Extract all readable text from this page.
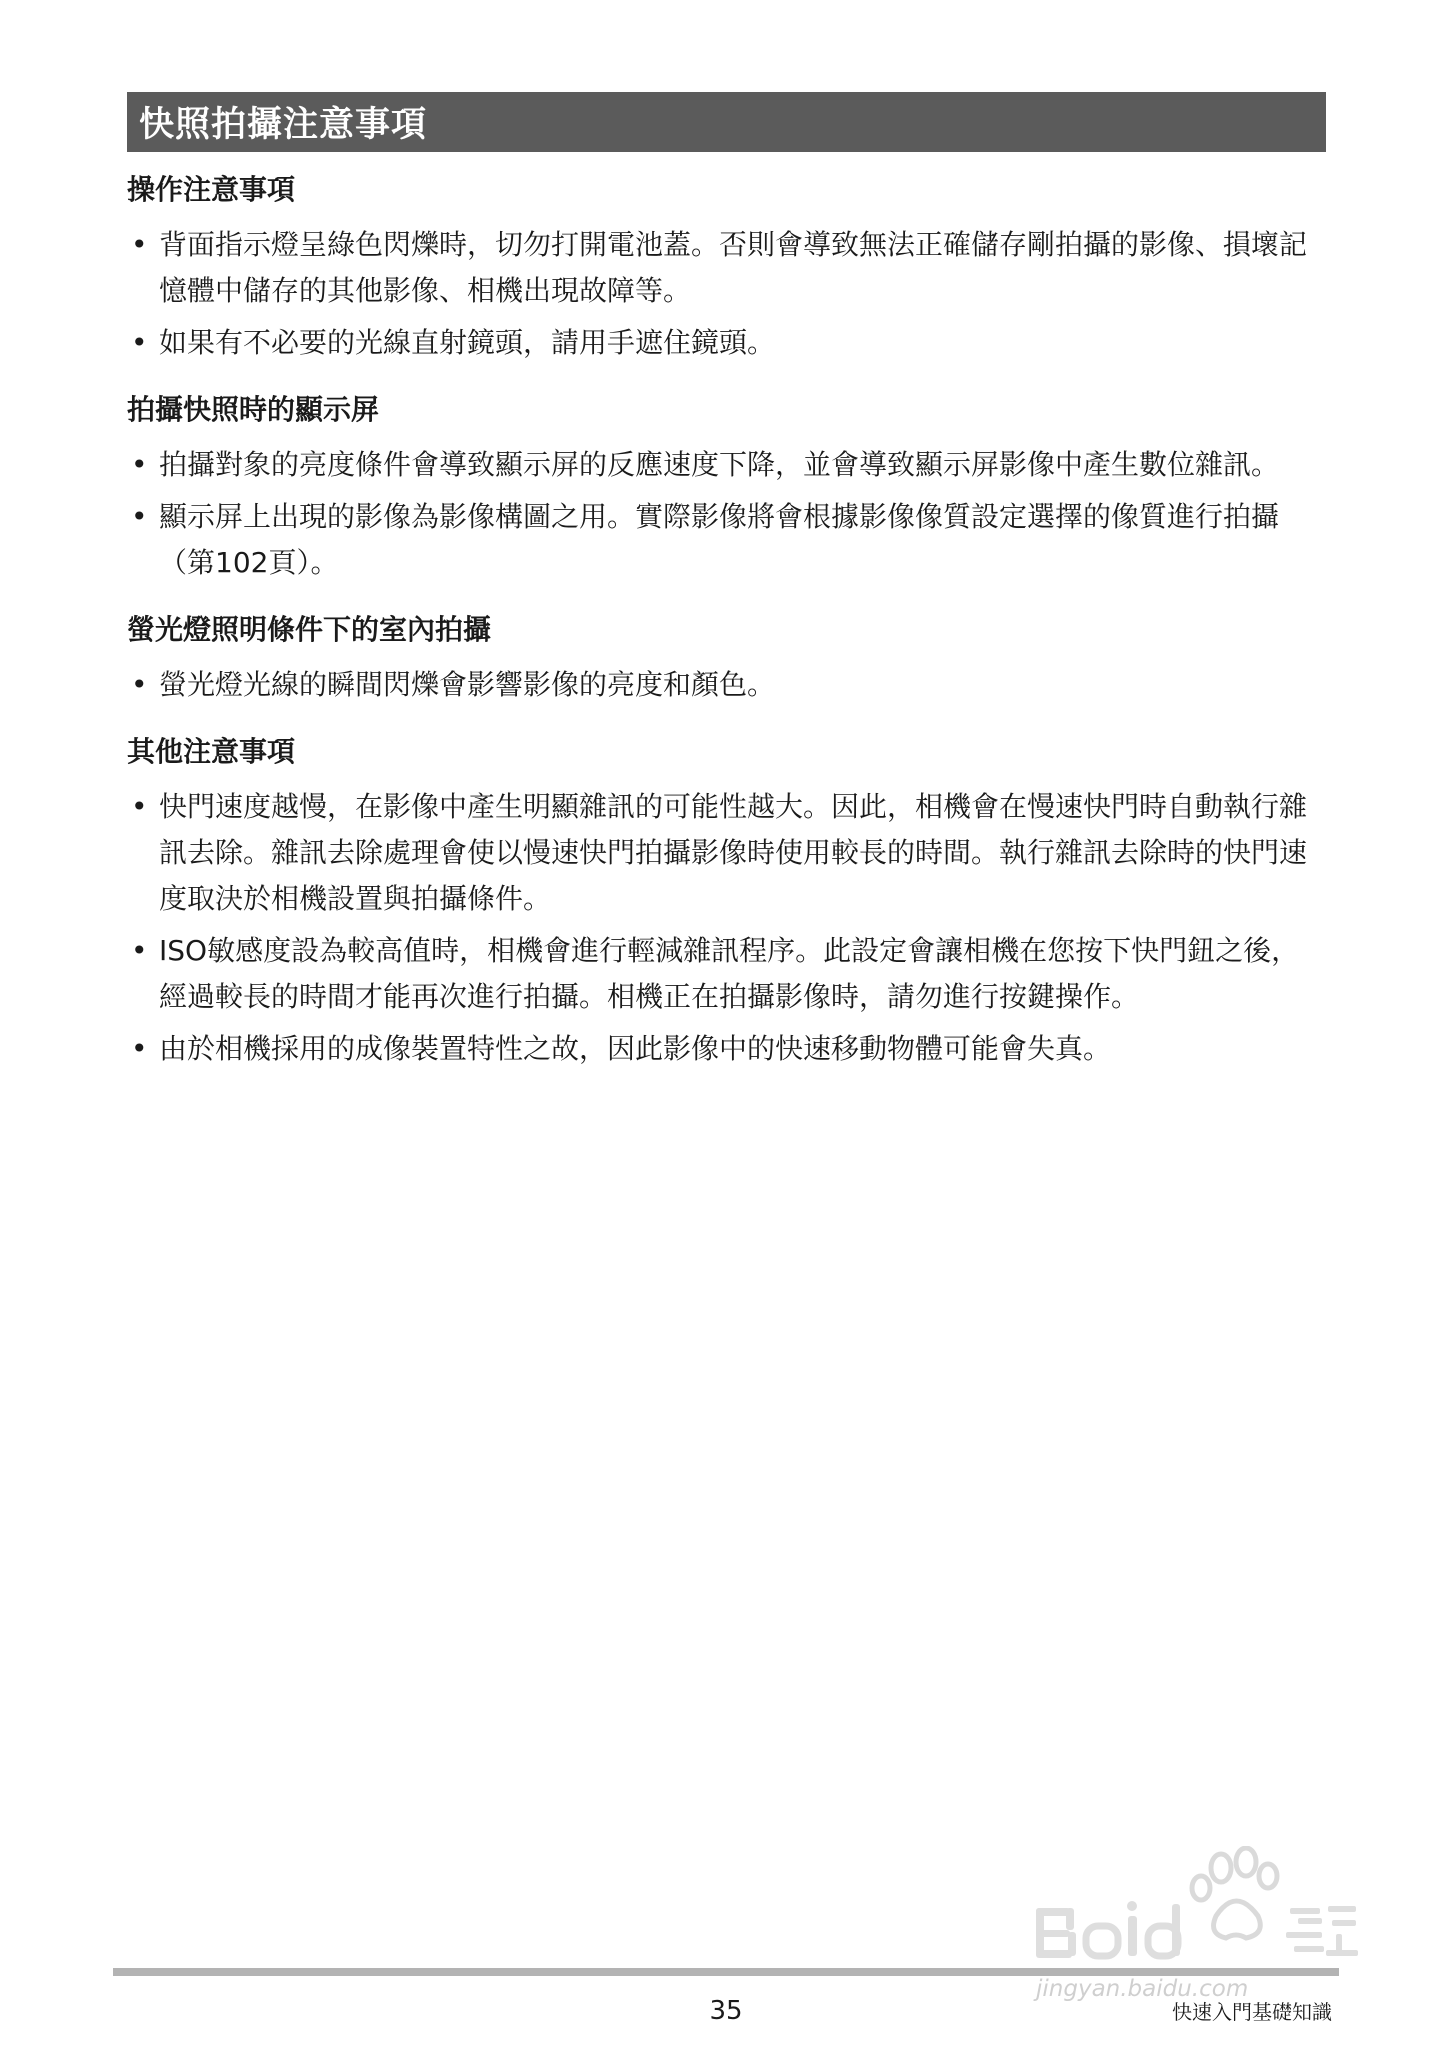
快照拍攝注意事項
操作注意事項
• 背面指示燈呈綠色閃爍時，切勿打開電池蓋。否則會導致無法正確儲存剛拍攝的影像、損壞記憶體中儲存的其他影像、相機出現故障等。
• 如果有不必要的光線直射鏡頭，請用手遮住鏡頭。
拍攝快照時的顯示屏
• 拍攝對象的亮度條件會導致顯示屏的反應速度下降，並會導致顯示屏影像中產生數位雜訊。
• 顯示屏上出現的影像為影像構圖之用。實際影像將會根據影像像質設定選擇的像質進行拍攝（第102頁）。
螢光燈照明條件下的室內拍攝
• 螢光燈光線的瞬間閃爍會影響影像的亮度和顏色。
其他注意事項
• 快門速度越慢，在影像中產生明顯雜訊的可能性越大。因此，相機會在慢速快門時自動執行雜訊去除。雜訊去除處理會使以慢速快門拍攝影像時使用較長的時間。執行雜訊去除時的快門速度取決於相機設置與拍攝條件。
• ISO敏感度設為較高值時，相機會進行輕減雜訊程序。此設定會讓相機在您按下快門鈕之後，經過較長的時間才能再次進行拍攝。相機正在拍攝影像時，請勿進行按鍵操作。
• 由於相機採用的成像裝置特性之故，因此影像中的快速移動物體可能會失真。
jingyan.baidu.com
35	快速入門基礎知識
